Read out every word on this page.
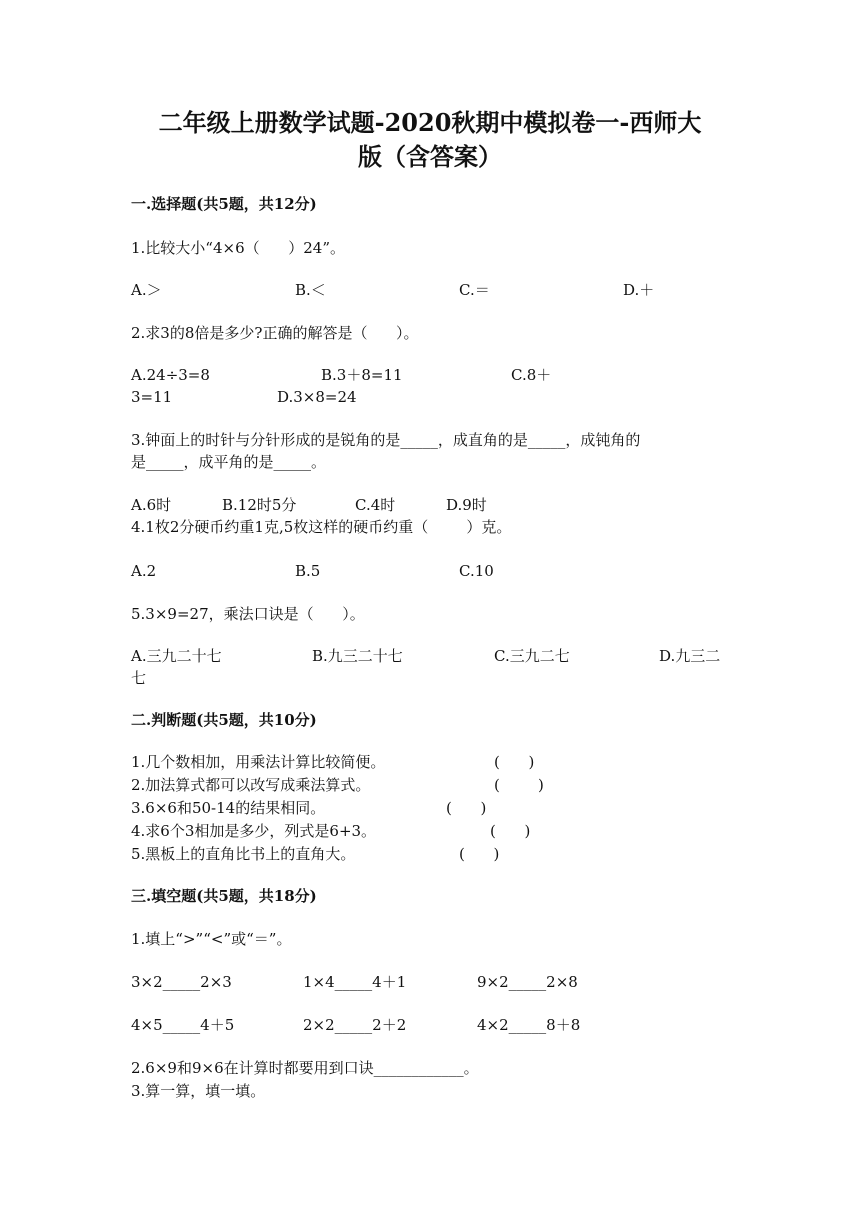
二年级上册数学试题-2020秋期中模拟卷一-西师大
版（含答案）
一.选择题(共5题，共12分)
1.比较大小“4×6（      ）24”。
A.＞	B.＜	C.＝	D.＋
2.求3的8倍是多少?正确的解答是（      ）。
A.24÷3=8	B.3＋8=11	C.8＋
3=11	D.3×8=24
3.钟面上的时针与分针形成的是锐角的是_____，成直角的是_____，成钝角的
是_____，成平角的是_____。
A.6时	B.12时5分	C.4时	D.9时
4.1枚2分硬币约重1克,5枚这样的硬币约重（        ）克。
A.2	B.5	C.10
5.3×9=27，乘法口诀是（      ）。
A.三九二十七	B.九三二十七	C.三九二七	D.九三二
七
二.判断题(共5题，共10分)
1.几个数相加，用乘法计算比较简便。	(      )
2.加法算式都可以改写成乘法算式。	(        )
3.6×6和50-14的结果相同。	(      )
4.求6个3相加是多少，列式是6+3。	(      )
5.黑板上的直角比书上的直角大。	(      )
三.填空题(共5题，共18分)
1.填上“>”“<”或“＝”。
3×2_____2×3	1×4_____4＋1	9×2_____2×8
4×5_____4＋5	2×2_____2＋2	4×2_____8＋8
2.6×9和9×6在计算时都要用到口诀____________。
3.算一算，填一填。
